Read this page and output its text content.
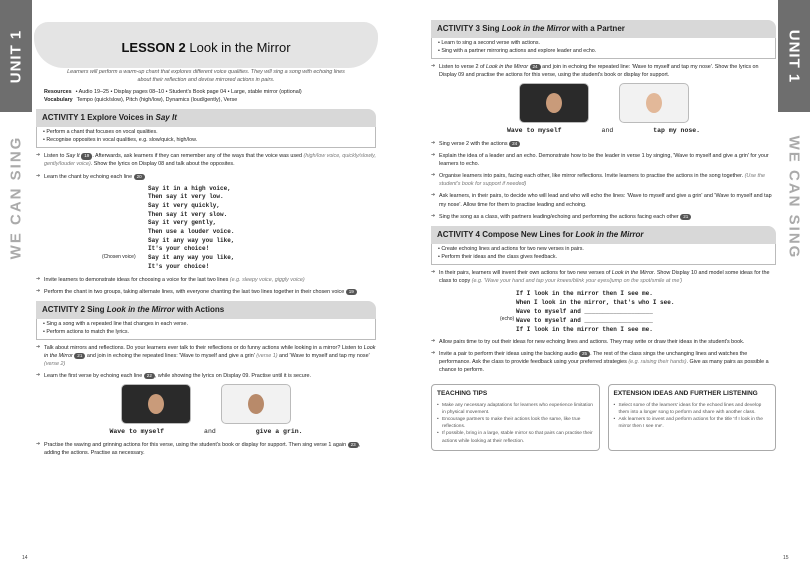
UNIT 1
WE CAN SING
LESSON 2 Look in the Mirror
Learners will perform a warm-up chant that explores different voice qualities. They will sing a song with echoing lines about their reflection and devise mirrored actions in pairs.
Resources • Audio 19–25 • Display pages 08–10 • Student's Book page 04 • Large, stable mirror (optional)
Vocabulary Tempo (quick/slow), Pitch (high/low), Dynamics (loud/gently), Verse
ACTIVITY 1 Explore Voices in Say It
• Perform a chant that focuses on vocal qualities.
• Recognise opposites in vocal qualities, e.g. slow/quick, high/low.
➔ Listen to Say It 19 . Afterwards, ask learners if they can remember any of the ways that the voice was used (high/low voice, quickly/slowly, gently/louder voice). Show the lyrics on Display 08 and talk about the opposites.
➔ Learn the chant by echoing each line 20
Say it in a high voice,
Then say it very low.
Say it very quickly,
Then say it very slow.
Say it very gently,
Then use a louder voice.
Say it any way you like,
It's your choice!
(Chosen voice) Say it any way you like,
It's your choice!
➔ Invite learners to demonstrate ideas for choosing a voice for the last two lines (e.g. sleepy voice, giggly voice)
➔ Perform the chant in two groups, taking alternate lines, with everyone chanting the last two lines together in their chosen voice 19
ACTIVITY 2 Sing Look in the Mirror with Actions
• Sing a song with a repeated line that changes in each verse.
• Perform actions to match the lyrics.
➔ Talk about mirrors and reflections. Do your learners ever talk to their reflections or do funny actions while looking in a mirror? Listen to Look in the Mirror 21 and join in echoing the repeated lines: 'Wave to myself and give a grin' (verse 1) and 'Wave to myself and tap my nose' (verse 2)
➔ Learn the first verse by echoing each line 22 , while showing the lyrics on Display 09. Practise until it is secure.
Wave to myself	and	give a grin.
➔ Practise the waving and grinning actions for this verse, using the student's book or display for support. Then sing verse 1 again 23 , adding the actions. Practise as necessary.
14
ACTIVITY 3 Sing Look in the Mirror with a Partner
• Learn to sing a second verse with actions.
• Sing with a partner mirroring actions and explore leader and echo.
➔ Listen to verse 2 of Look in the Mirror 24 and join in echoing the repeated line: 'Wave to myself and tap my nose'. Show the lyrics on Display 09 and practise the actions for this verse, using the student's book or display for support.
Wave to myself	and	tap my nose.
➔ Sing verse 2 with the actions 24
➔ Explain the idea of a leader and an echo. Demonstrate how to be the leader in verse 1 by singing, 'Wave to myself and give a grin' for your learners to echo.
➔ Organise learners into pairs, facing each other, like mirror reflections. Invite learners to practise the actions in the song together. (Use the student's book for support if needed)
➔ Ask learners, in their pairs, to decide who will lead and who will echo the lines: 'Wave to myself and give a grin' and 'Wave to myself and tap my nose'. Allow time for them to practise leading and echoing.
➔ Sing the song as a class, with partners leading/echoing and performing the actions facing each other 21
ACTIVITY 4 Compose New Lines for Look in the Mirror
• Create echoing lines and actions for two new verses in pairs.
• Perform their ideas and the class gives feedback.
➔ In their pairs, learners will invent their own actions for two new verses of Look in the Mirror. Show Display 10 and model some ideas for the class to copy (e.g. 'Wave your hand and tap your knees/blink your eyes/jump on the spot/smile at me')
If I look in the mirror then I see me.
When I look in the mirror, that's who I see.
Wave to myself and ___________________
(echo) Wave to myself and ___________________
If I look in the mirror then I see me.
➔ Allow pairs time to try out their ideas for new echoing lines and actions. They may write or draw their ideas in the student's book.
➔ Invite a pair to perform their ideas using the backing audio 25 . The rest of the class sings the unchanging lines and watches the performance. Ask the class to provide feedback using your preferred strategies (e.g. raising their hands). Give as many pairs as possible a chance to perform.
TEACHING TIPS
• Make any necessary adaptations for learners who experience limitation in physical movement.
• Encourage partners to make their actions look the same, like true reflections.
• If possible, bring in a large, stable mirror so that pairs can practise their actions while looking at their reflection.
EXTENSION IDEAS AND FURTHER LISTENING
• Select some of the learners' ideas for the echoed lines and develop them into a longer song to perform and share with another class.
• Ask learners to invent and perform actions for the title 'If I look in the mirror then I see me'.
UNIT 1
WE CAN SING
15
